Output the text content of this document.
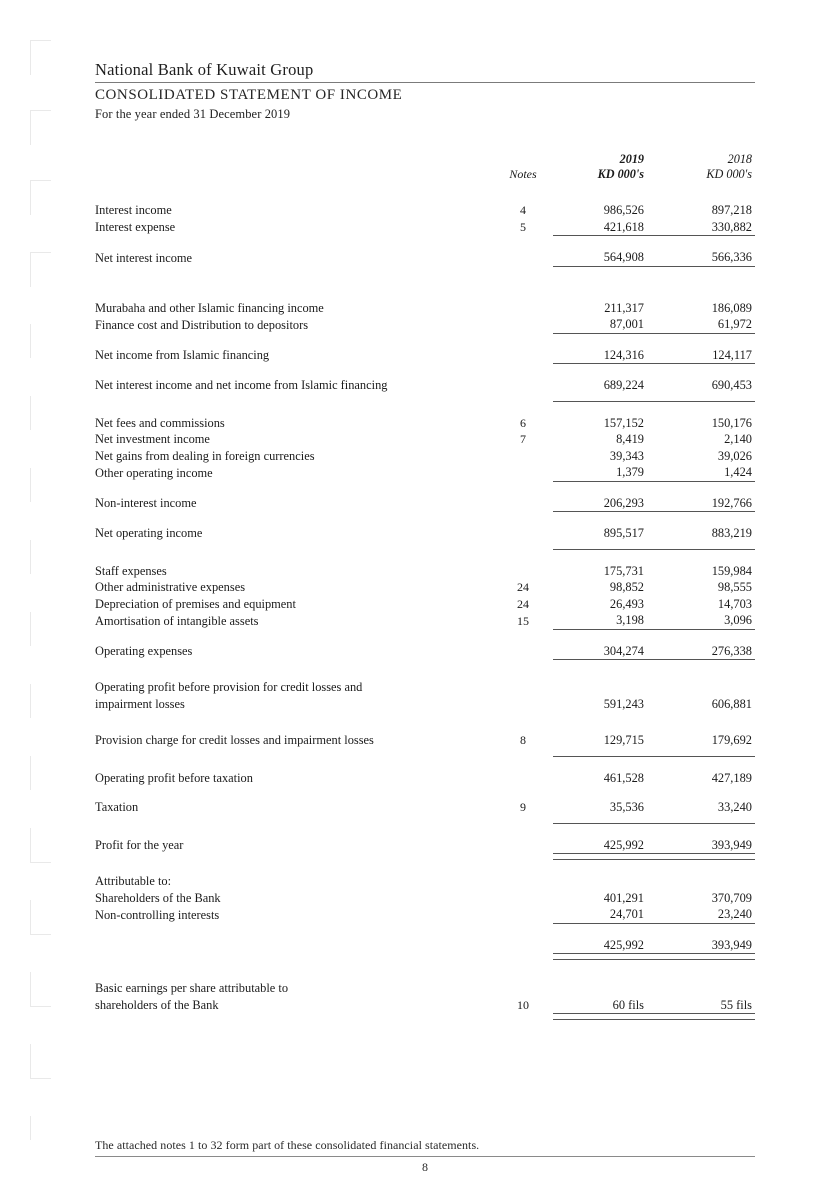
National Bank of Kuwait Group
CONSOLIDATED STATEMENT OF INCOME
For the year ended 31 December 2019
		2019		2018
	Notes	KD 000's		KD 000's

Interest income	4	986,526		897,218
Interest expense	5	421,618		330,882

Net interest income		564,908		566,336

Murabaha and other Islamic financing income		211,317		186,089
Finance cost and Distribution to depositors		87,001		61,972

Net income from Islamic financing		124,316		124,117

Net interest income and net income from Islamic financing		689,224		690,453

Net fees and commissions	6	157,152		150,176
Net investment income	7	8,419		2,140
Net gains from dealing in foreign currencies		39,343		39,026
Other operating income		1,379		1,424

Non-interest income		206,293		192,766

Net operating income		895,517		883,219

Staff expenses		175,731		159,984
Other administrative expenses	24	98,852		98,555
Depreciation of premises and equipment	24	26,493		14,703
Amortisation of intangible assets	15	3,198		3,096

Operating expenses		304,274		276,338

Operating profit before provision for credit losses and				
impairment losses		591,243		606,881

Provision charge for credit losses and impairment losses	8	129,715		179,692

Operating profit before taxation		461,528		427,189

Taxation	9	35,536		33,240

Profit for the year		425,992		393,949

Attributable to:				
Shareholders of the Bank		401,291		370,709
Non-controlling interests		24,701		23,240

		425,992		393,949

Basic earnings per share attributable to				
shareholders of the Bank	10	60 fils		55 fils

The attached notes 1 to 32 form part of these consolidated financial statements.
8
